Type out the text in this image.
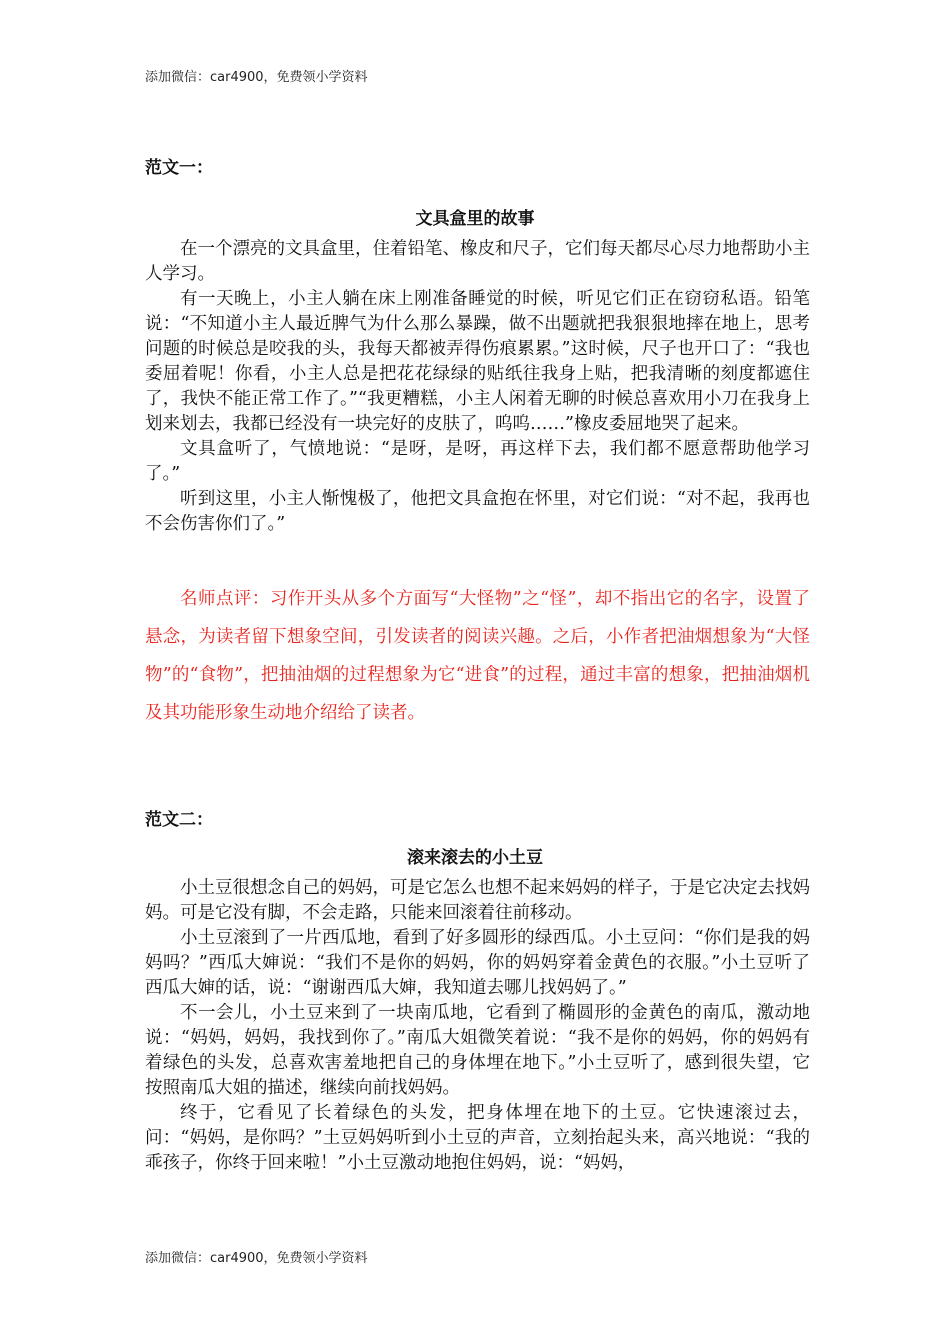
添加微信：car4900，免费领小学资料
范文一：
文具盒里的故事

在一个漂亮的文具盒里，住着铅笔、橡皮和尺子，它们每天都尽心尽力地帮助小主人学习。

有一天晚上，小主人躺在床上刚准备睡觉的时候，听见它们正在窃窃私语。铅笔说：“不知道小主人最近脾气为什么那么暴躁，做不出题就把我狠狠地摔在地上，思考问题的时候总是咬我的头，我每天都被弄得伤痕累累。”这时候，尺子也开口了：“我也委屈着呢！你看，小主人总是把花花绿绿的贴纸往我身上贴，把我清晰的刻度都遮住了，我快不能正常工作了。”“我更糟糕，小主人闲着无聊的时候总喜欢用小刀在我身上划来划去，我都已经没有一块完好的皮肤了，呜呜……”橡皮委屈地哭了起来。

文具盒听了，气愤地说：“是呀，是呀，再这样下去，我们都不愿意帮助他学习了。”

听到这里，小主人惭愧极了，他把文具盒抱在怀里，对它们说：“对不起，我再也不会伤害你们了。”

名师点评：习作开头从多个方面写“大怪物”之“怪”，却不指出它的名字，设置了悬念，为读者留下想象空间，引发读者的阅读兴趣。之后，小作者把油烟想象为“大怪物”的“食物”，把抽油烟的过程想象为它“进食”的过程，通过丰富的想象，把抽油烟机及其功能形象生动地介绍给了读者。
范文二：
滚来滚去的小土豆

小土豆很想念自己的妈妈，可是它怎么也想不起来妈妈的样子，于是它决定去找妈妈。可是它没有脚，不会走路，只能来回滚着往前移动。

小土豆滚到了一片西瓜地，看到了好多圆形的绿西瓜。小土豆问：“你们是我的妈妈吗？”西瓜大婶说：“我们不是你的妈妈，你的妈妈穿着金黄色的衣服。”小土豆听了西瓜大婶的话，说：“谢谢西瓜大婶，我知道去哪儿找妈妈了。”

不一会儿，小土豆来到了一块南瓜地，它看到了椭圆形的金黄色的南瓜，激动地说：“妈妈，妈妈，我找到你了。”南瓜大姐微笑着说：“我不是你的妈妈，你的妈妈有着绿色的头发，总喜欢害羞地把自己的身体埋在地下。”小土豆听了，感到很失望，它按照南瓜大姐的描述，继续向前找妈妈。

终于，它看见了长着绿色的头发，把身体埋在地下的土豆。它快速滚过去，问：“妈妈，是你吗？”土豆妈妈听到小土豆的声音，立刻抬起头来，高兴地说：“我的乖孩子，你终于回来啦！”小土豆激动地抱住妈妈，说：“妈妈，

添加微信：car4900，免费领小学资料
